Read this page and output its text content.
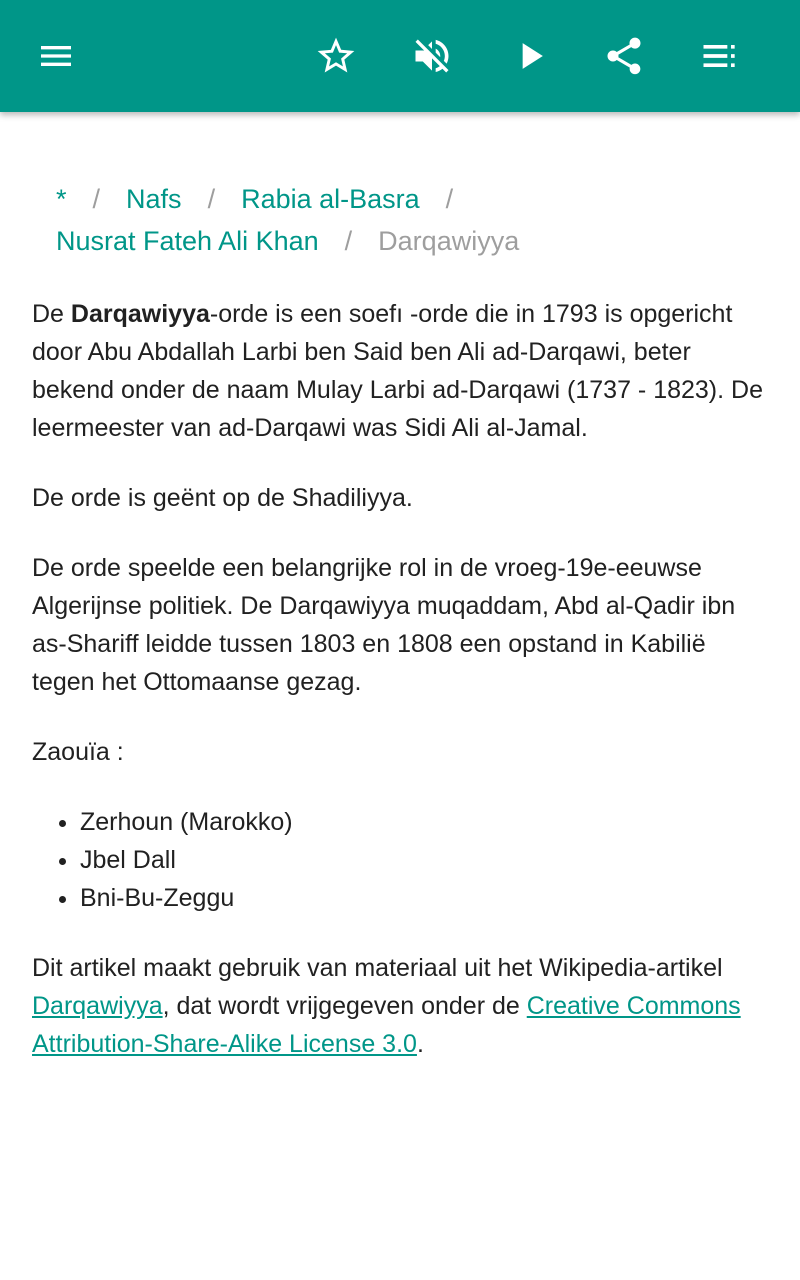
* / Nafs / Rabia al-Basra /
Nusrat Fateh Ali Khan / Darqawiyya

De Darqawiyya-orde is een soefı -orde die in 1793 is opgericht door Abu Abdallah Larbi ben Said ben Ali ad-Darqawi, beter bekend onder de naam Mulay Larbi ad-Darqawi (1737 - 1823). De leermeester van ad-Darqawi was Sidi Ali al-Jamal.

De orde is geënt op de Shadiliyya.

De orde speelde een belangrijke rol in de vroeg-19e-eeuwse Algerijnse politiek. De Darqawiyya muqaddam, Abd al-Qadir ibn as-Shariff leidde tussen 1803 en 1808 een opstand in Kabilië tegen het Ottomaanse gezag.

Zaouïa :

• Zerhoun (Marokko)
• Jbel Dall
• Bni-Bu-Zeggu

Dit artikel maakt gebruik van materiaal uit het Wikipedia-artikel Darqawiyya, dat wordt vrijgegeven onder de Creative Commons Attribution-Share-Alike License 3.0.
